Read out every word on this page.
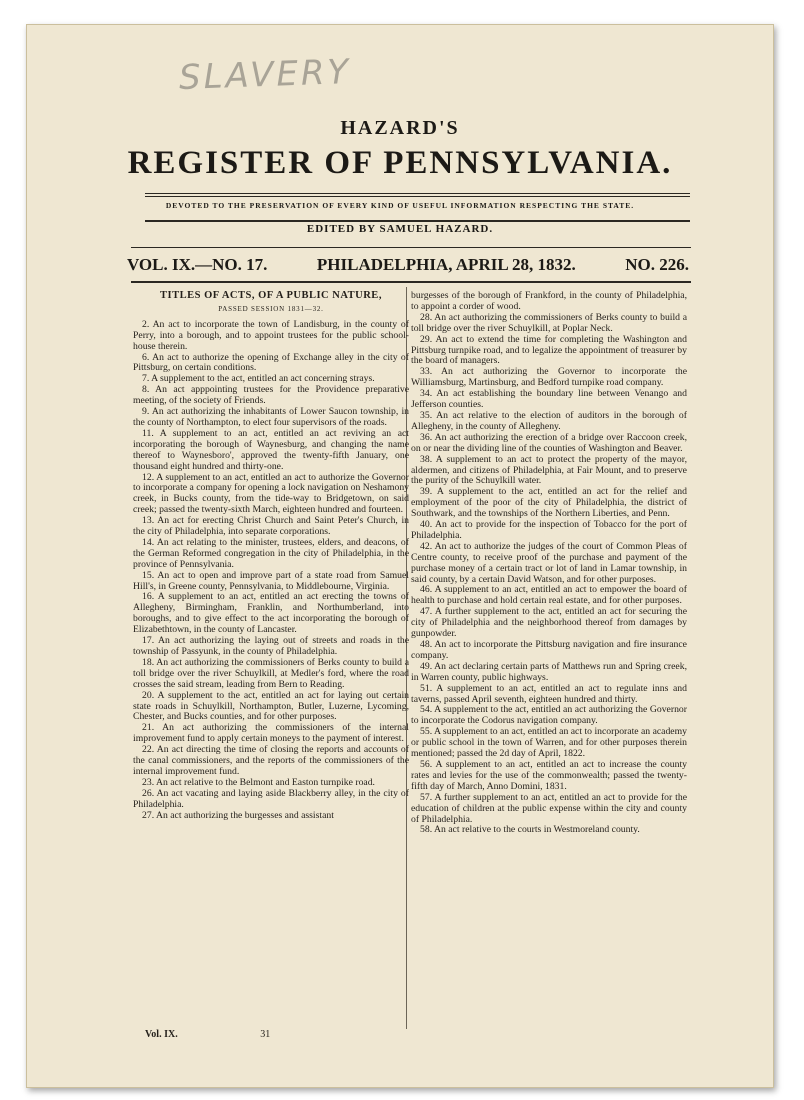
SLAVERY
HAZARD'S
REGISTER OF PENNSYLVANIA.
DEVOTED TO THE PRESERVATION OF EVERY KIND OF USEFUL INFORMATION RESPECTING THE STATE.
EDITED BY SAMUEL HAZARD.
VOL. IX.—NO. 17.	PHILADELPHIA, APRIL 28, 1832.	NO. 226.
TITLES OF ACTS, OF A PUBLIC NATURE,
PASSED SESSION 1831—32.

2. An act to incorporate the town of Landisburg, in the county of Perry, into a borough, and to appoint trustees for the public school-house therein.

6. An act to authorize the opening of Exchange alley in the city of Pittsburg, on certain conditions.

7. A supplement to the act, entitled an act concerning strays.

8. An act apppointing trustees for the Providence preparative meeting, of the society of Friends.

9. An act authorizing the inhabitants of Lower Saucon township, in the county of Northampton, to elect four supervisors of the roads.

11. A supplement to an act, entitled an act reviving an act incorporating the borough of Waynesburg, and changing the name thereof to Waynesboro', approved the twenty-fifth January, one thousand eight hundred and thirty-one.

12. A supplement to an act, entitled an act to authorize the Governor to incorporate a company for opening a lock navigation on Neshamony creek, in Bucks county, from the tide-way to Bridgetown, on said creek; passed the twenty-sixth March, eighteen hundred and fourteen.

13. An act for erecting Christ Church and Saint Peter's Church, in the city of Philadelphia, into separate corporations.

14. An act relating to the minister, trustees, elders, and deacons, of the German Reformed congregation in the city of Philadelphia, in the province of Pennsylvania.

15. An act to open and improve part of a state road from Samuel Hill's, in Greene county, Pennsylvania, to Middlebourne, Virginia.

16. A supplement to an act, entitled an act erecting the towns of Allegheny, Birmingham, Franklin, and Northumberland, into boroughs, and to give effect to the act incorporating the borough of Elizabethtown, in the county of Lancaster.

17. An act authorizing the laying out of streets and roads in the township of Passyunk, in the county of Philadelphia.

18. An act authorizing the commissioners of Berks county to build a toll bridge over the river Schuylkill, at Medler's ford, where the road crosses the said stream, leading from Bern to Reading.

20. A supplement to the act, entitled an act for laying out certain state roads in Schuylkill, Northampton, Butler, Luzerne, Lycoming, Chester, and Bucks counties, and for other purposes.

21. An act authorizing the commissioners of the internal improvement fund to apply certain moneys to the payment of interest.

22. An act directing the time of closing the reports and accounts of the canal commissioners, and the reports of the commissioners of the internal improvement fund.

23. An act relative to the Belmont and Easton turnpike road.

26. An act vacating and laying aside Blackberry alley, in the city of Philadelphia.

27. An act authorizing the burgesses and assistant

burgesses of the borough of Frankford, in the county of Philadelphia, to appoint a corder of wood.

28. An act authorizing the commissioners of Berks county to build a toll bridge over the river Schuylkill, at Poplar Neck.

29. An act to extend the time for completing the Washington and Pittsburg turnpike road, and to legalize the appointment of treasurer by the board of managers.

33. An act authorizing the Governor to incorporate the Williamsburg, Martinsburg, and Bedford turnpike road company.

34. An act establishing the boundary line between Venango and Jefferson counties.

35. An act relative to the election of auditors in the borough of Allegheny, in the county of Allegheny.

36. An act authorizing the erection of a bridge over Raccoon creek, on or near the dividing line of the counties of Washington and Beaver.

38. A supplement to an act to protect the property of the mayor, aldermen, and citizens of Philadelphia, at Fair Mount, and to preserve the purity of the Schuylkill water.

39. A supplement to the act, entitled an act for the relief and employment of the poor of the city of Philadelphia, the district of Southwark, and the townships of the Northern Liberties, and Penn.

40. An act to provide for the inspection of Tobacco for the port of Philadelphia.

42. An act to authorize the judges of the court of Common Pleas of Centre county, to receive proof of the purchase and payment of the purchase money of a certain tract or lot of land in Lamar township, in said county, by a certain David Watson, and for other purposes.

46. A supplement to an act, entitled an act to empower the board of health to purchase and hold certain real estate, and for other purposes.

47. A further supplement to the act, entitled an act for securing the city of Philadelphia and the neighborhood thereof from damages by gunpowder.

48. An act to incorporate the Pittsburg navigation and fire insurance company.

49. An act declaring certain parts of Matthews run and Spring creek, in Warren county, public highways.

51. A supplement to an act, entitled an act to regulate inns and taverns, passed April seventh, eighteen hundred and thirty.

54. A supplement to the act, entitled an act authorizing the Governor to incorporate the Codorus navigation company.

55. A supplement to an act, entitled an act to incorporate an academy or public school in the town of Warren, and for other purposes therein mentioned; passed the 2d day of April, 1822.

56. A supplement to an act, entitled an act to increase the county rates and levies for the use of the commonwealth; passed the twenty-fifth day of March, Anno Domini, 1831.

57. A further supplement to an act, entitled an act to provide for the education of children at the public expense within the city and county of Philadelphia.

58. An act relative to the courts in Westmoreland county.

Vol. IX.	31
